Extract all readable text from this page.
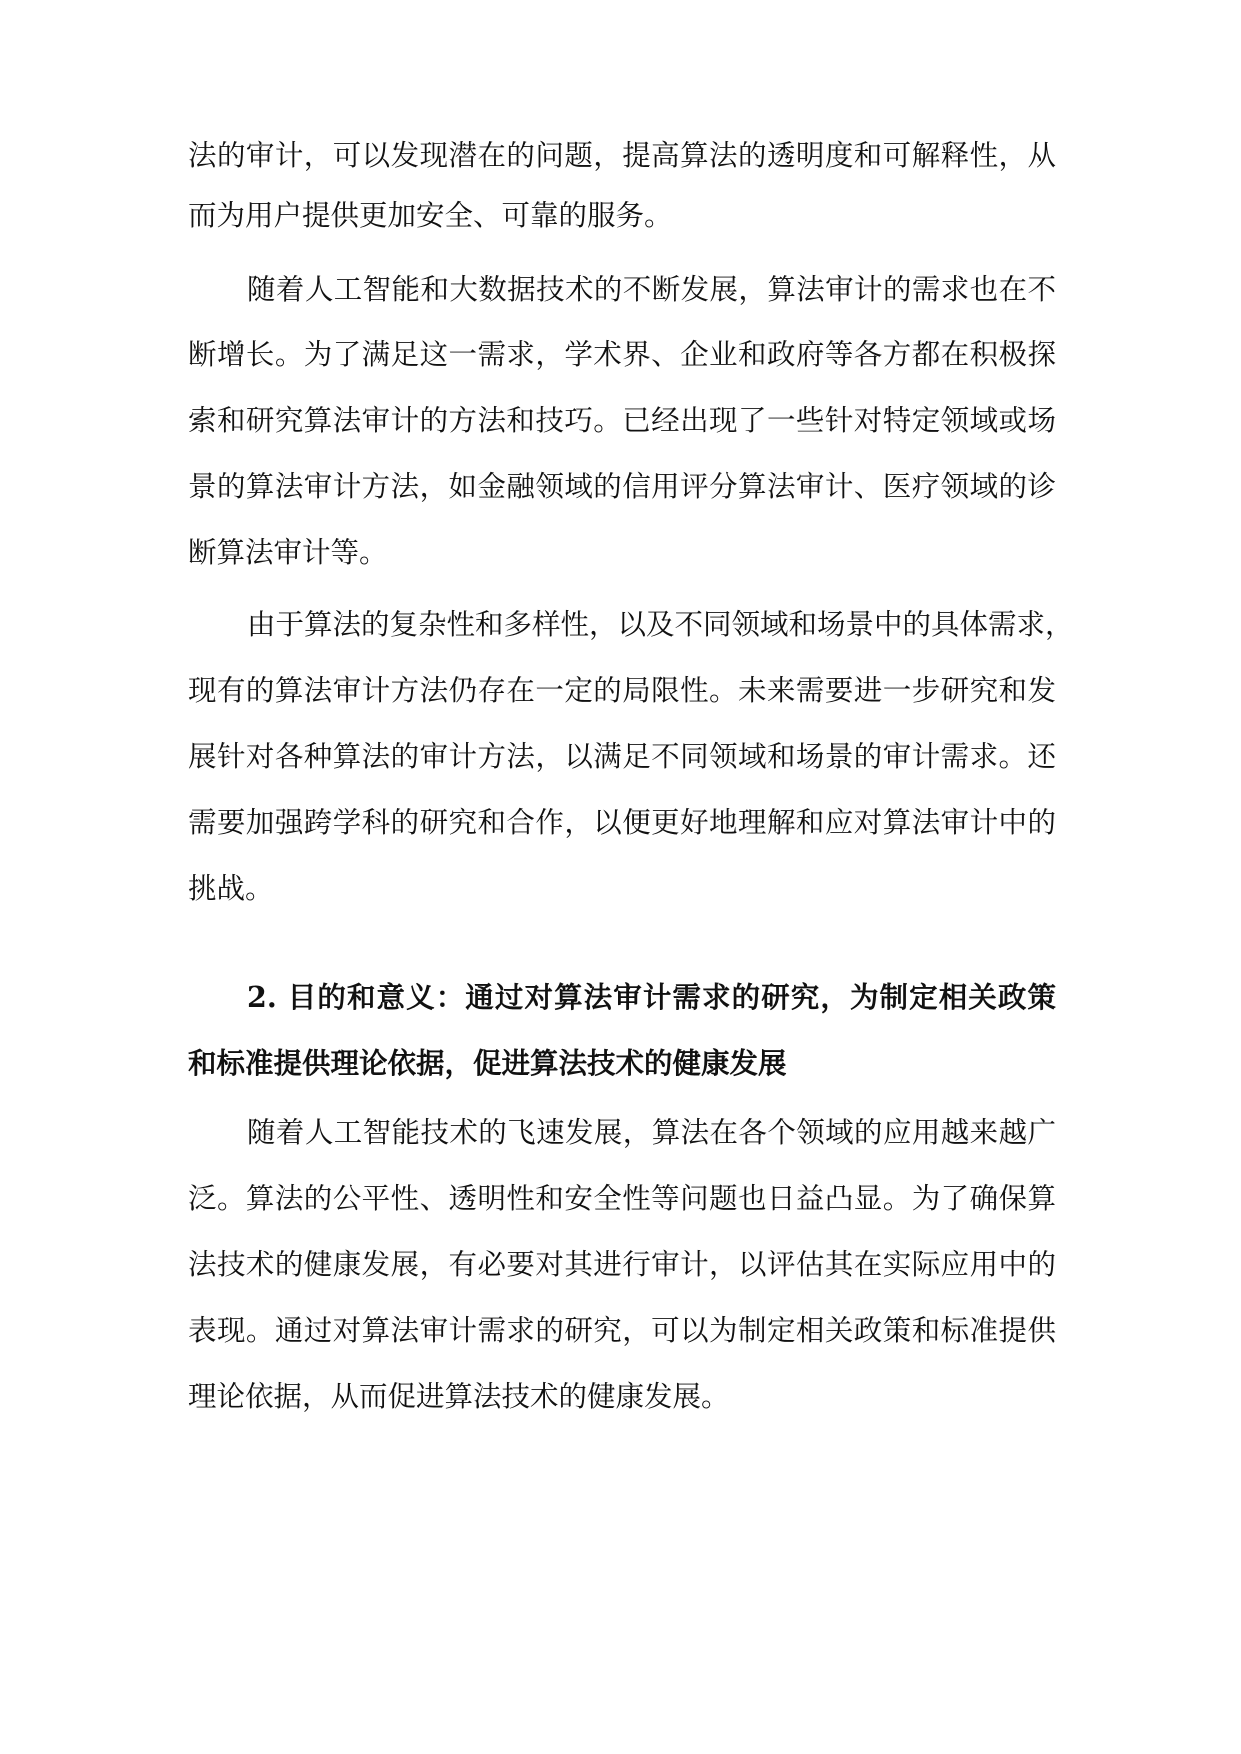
法的审计，可以发现潜在的问题，提高算法的透明度和可解释性，从
而为用户提供更加安全、可靠的服务。
随着人工智能和大数据技术的不断发展，算法审计的需求也在不
断增长。为了满足这一需求，学术界、企业和政府等各方都在积极探
索和研究算法审计的方法和技巧。已经出现了一些针对特定领域或场
景的算法审计方法，如金融领域的信用评分算法审计、医疗领域的诊
断算法审计等。
由于算法的复杂性和多样性，以及不同领域和场景中的具体需求，
现有的算法审计方法仍存在一定的局限性。未来需要进一步研究和发
展针对各种算法的审计方法，以满足不同领域和场景的审计需求。还
需要加强跨学科的研究和合作，以便更好地理解和应对算法审计中的
挑战。
2. 目的和意义：通过对算法审计需求的研究，为制定相关政策
和标准提供理论依据，促进算法技术的健康发展
随着人工智能技术的飞速发展，算法在各个领域的应用越来越广
泛。算法的公平性、透明性和安全性等问题也日益凸显。为了确保算
法技术的健康发展，有必要对其进行审计，以评估其在实际应用中的
表现。通过对算法审计需求的研究，可以为制定相关政策和标准提供
理论依据，从而促进算法技术的健康发展。
